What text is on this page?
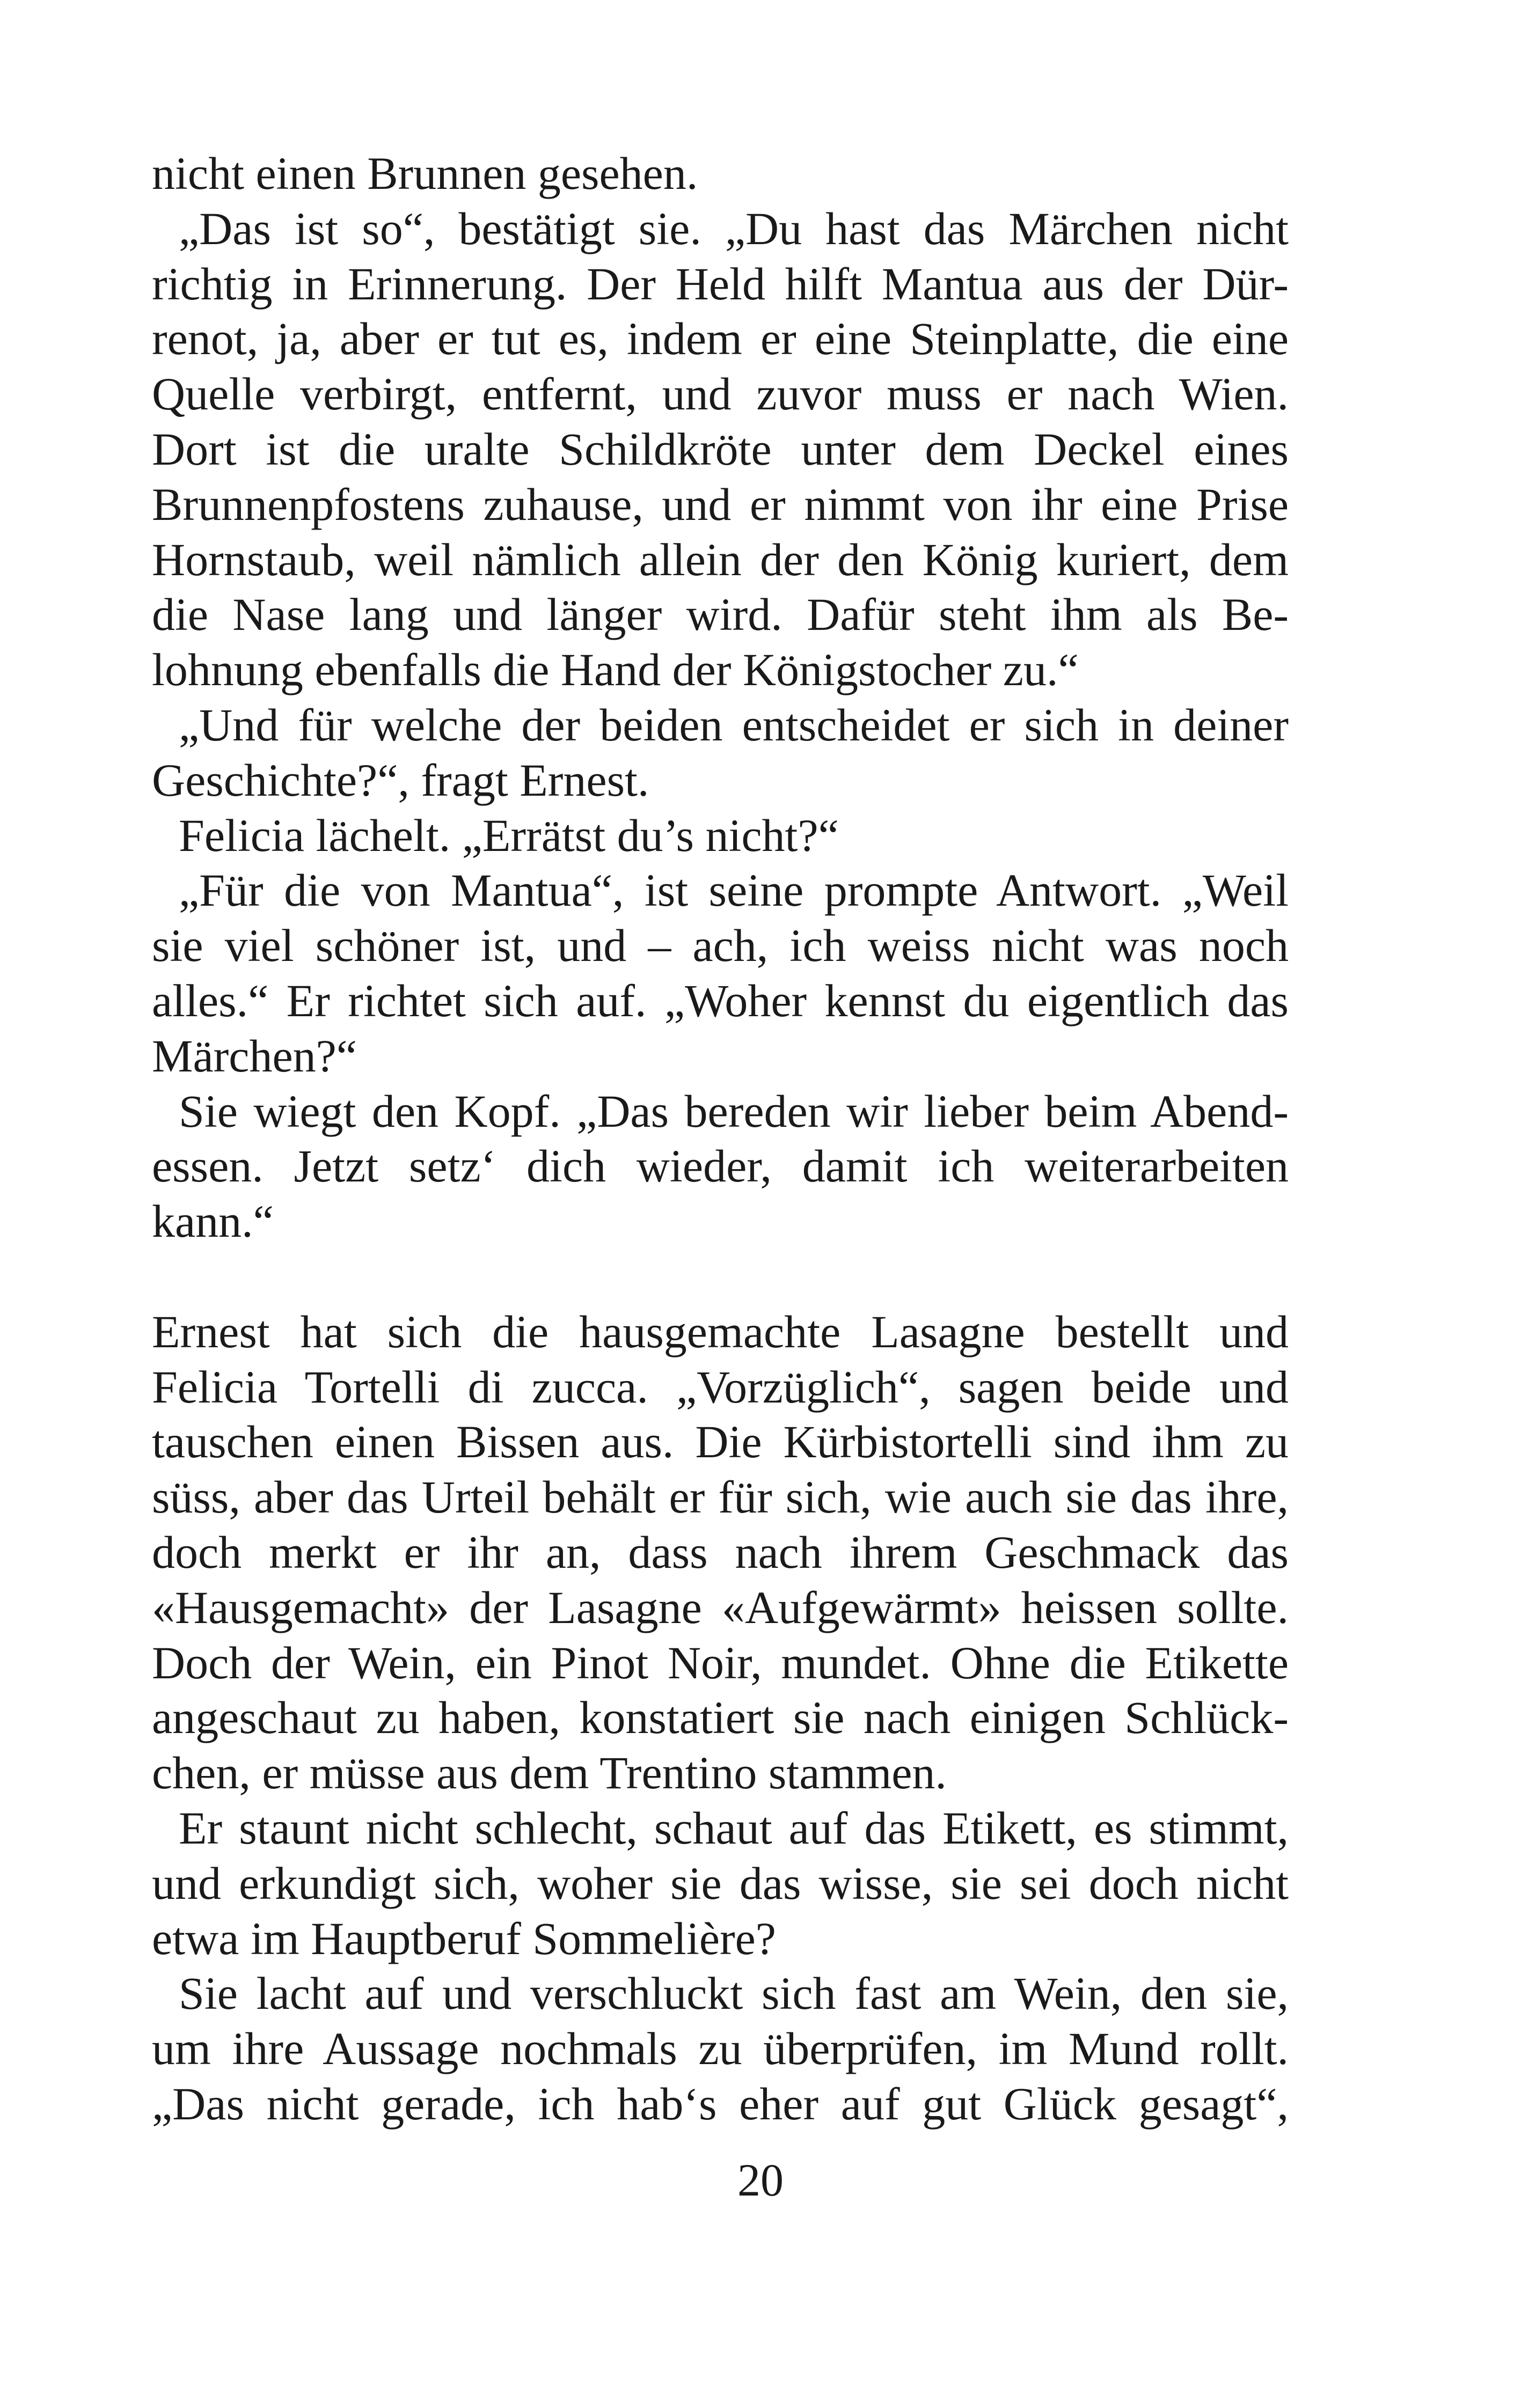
nicht einen Brunnen gesehen.
„Das ist so“, bestätigt sie. „Du hast das Märchen nicht
richtig in Erinnerung. Der Held hilft Mantua aus der Dür-
renot, ja, aber er tut es, indem er eine Steinplatte, die eine
Quelle verbirgt, entfernt, und zuvor muss er nach Wien.
Dort ist die uralte Schildkröte unter dem Deckel eines
Brunnenpfostens zuhause, und er nimmt von ihr eine Prise
Hornstaub, weil nämlich allein der den König kuriert, dem
die Nase lang und länger wird. Dafür steht ihm als Be-
lohnung ebenfalls die Hand der Königstocher zu.“
„Und für welche der beiden entscheidet er sich in deiner
Geschichte?“, fragt Ernest.
Felicia lächelt. „Errätst du’s nicht?“
„Für die von Mantua“, ist seine prompte Antwort. „Weil
sie viel schöner ist, und – ach, ich weiss nicht was noch
alles.“ Er richtet sich auf. „Woher kennst du eigentlich das
Märchen?“
Sie wiegt den Kopf. „Das bereden wir lieber beim Abend-
essen. Jetzt setz‘ dich wieder, damit ich weiterarbeiten
kann.“
Ernest hat sich die hausgemachte Lasagne bestellt und
Felicia Tortelli di zucca. „Vorzüglich“, sagen beide und
tauschen einen Bissen aus. Die Kürbistortelli sind ihm zu
süss, aber das Urteil behält er für sich, wie auch sie das ihre,
doch merkt er ihr an, dass nach ihrem Geschmack das
«Hausgemacht» der Lasagne «Aufgewärmt» heissen sollte.
Doch der Wein, ein Pinot Noir, mundet. Ohne die Etikette
angeschaut zu haben, konstatiert sie nach einigen Schlück-
chen, er müsse aus dem Trentino stammen.
Er staunt nicht schlecht, schaut auf das Etikett, es stimmt,
und erkundigt sich, woher sie das wisse, sie sei doch nicht
etwa im Hauptberuf Sommelière?
Sie lacht auf und verschluckt sich fast am Wein, den sie,
um ihre Aussage nochmals zu überprüfen, im Mund rollt.
„Das nicht gerade, ich hab‘s eher auf gut Glück gesagt“,
20
